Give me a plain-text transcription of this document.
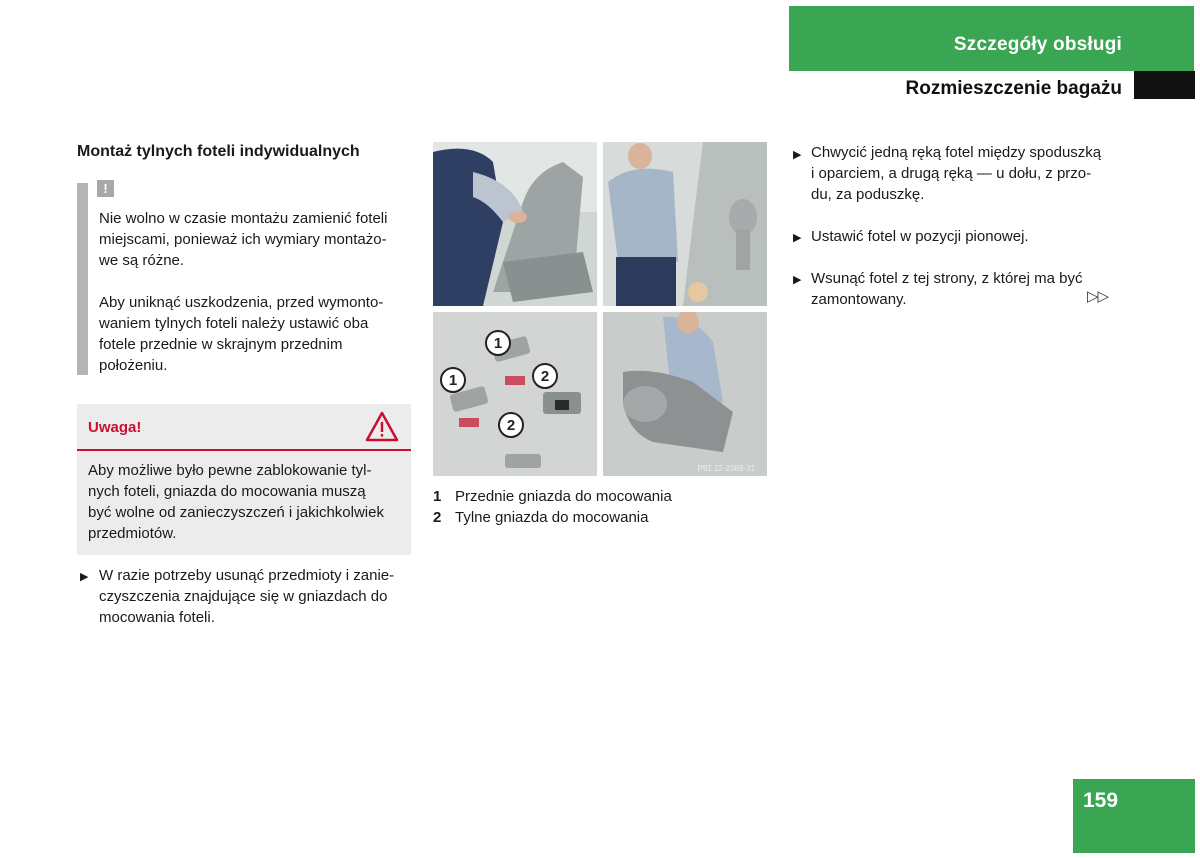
Szczegóły obsługi
Rozmieszczenie bagażu
Montaż tylnych foteli indywidualnych
!
Nie wolno w czasie montażu zamienić foteli
miejscami, ponieważ ich wymiary montażo-
we są różne.
Aby uniknąć uszkodzenia, przed wymonto-
waniem tylnych foteli należy ustawić oba
fotele przednie w skrajnym przednim
położeniu.
Uwaga!
Aby możliwe było pewne zablokowanie tyl-
nych foteli, gniazda do mocowania muszą
być wolne od zanieczyszczeń i jakichkolwiek
przedmiotów.
▶ W razie potrzeby usunąć przedmioty i zanie-
czyszczenia znajdujące się w gniazdach do
mocowania foteli.
1
1
2
2
P91.22-2089-31
1 Przednie gniazda do mocowania
2 Tylne gniazda do mocowania
▶ Chwycić jedną ręką fotel między spoduszką
i oparciem, a drugą ręką — u dołu, z przo-
du, za poduszkę.
▶ Ustawić fotel w pozycji pionowej.
▶ Wsunąć fotel z tej strony, z której ma być
zamontowany.	▷▷
159
